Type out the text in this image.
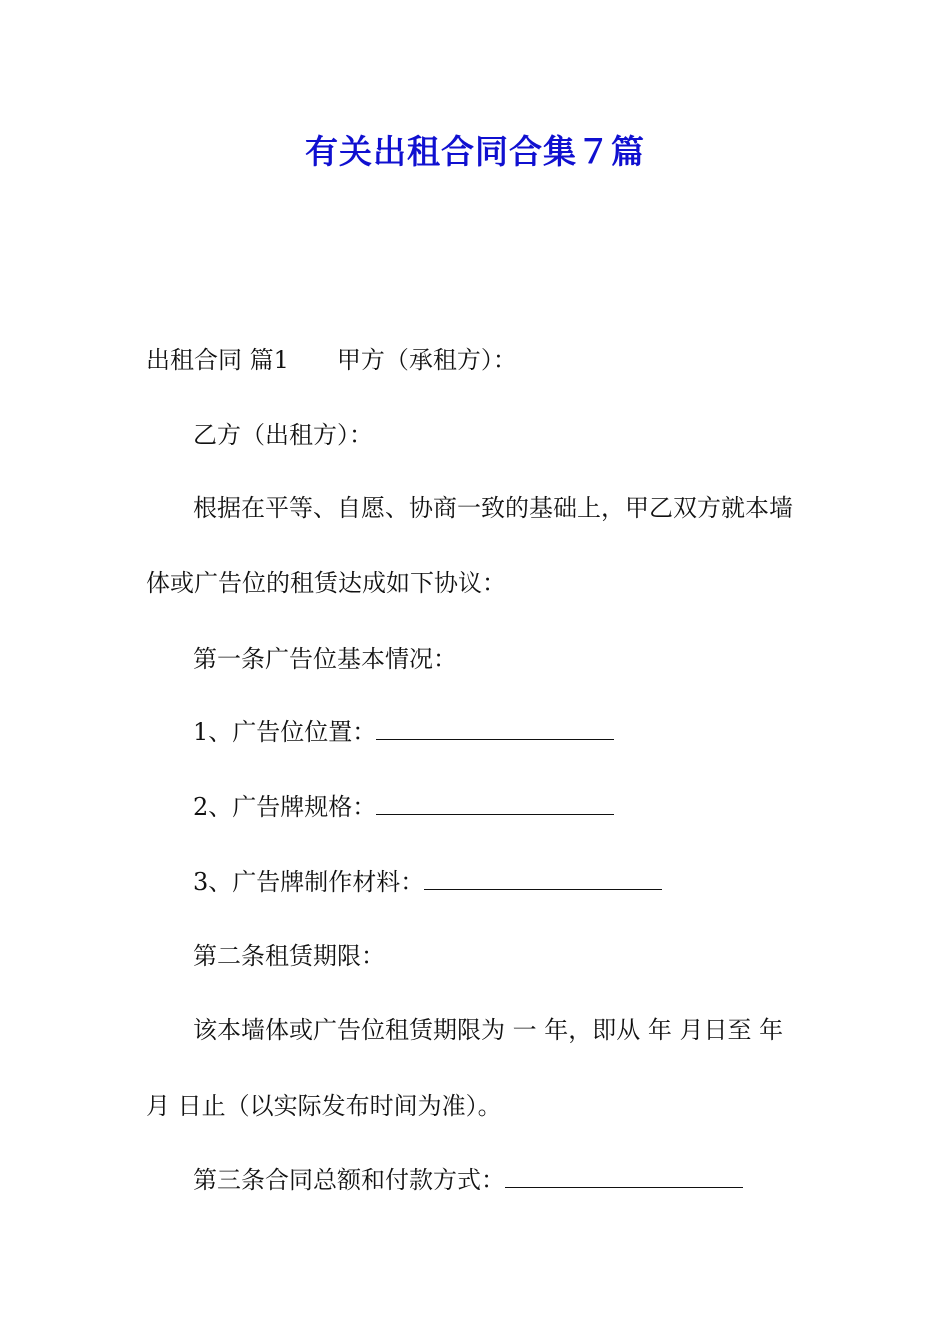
有关出租合同合集７篇

出租合同 篇1 甲方（承租方）：

乙方（出租方）：

根据在平等、自愿、协商一致的基础上，甲乙双方就本墙

体或广告位的租赁达成如下协议：

第一条广告位基本情况：

1、广告位位置：

2、广告牌规格：

3、广告牌制作材料：

第二条租赁期限：

该本墙体或广告位租赁期限为 一 年，即从 年 月日至 年

月 日止（以实际发布时间为准）。

第三条合同总额和付款方式：
